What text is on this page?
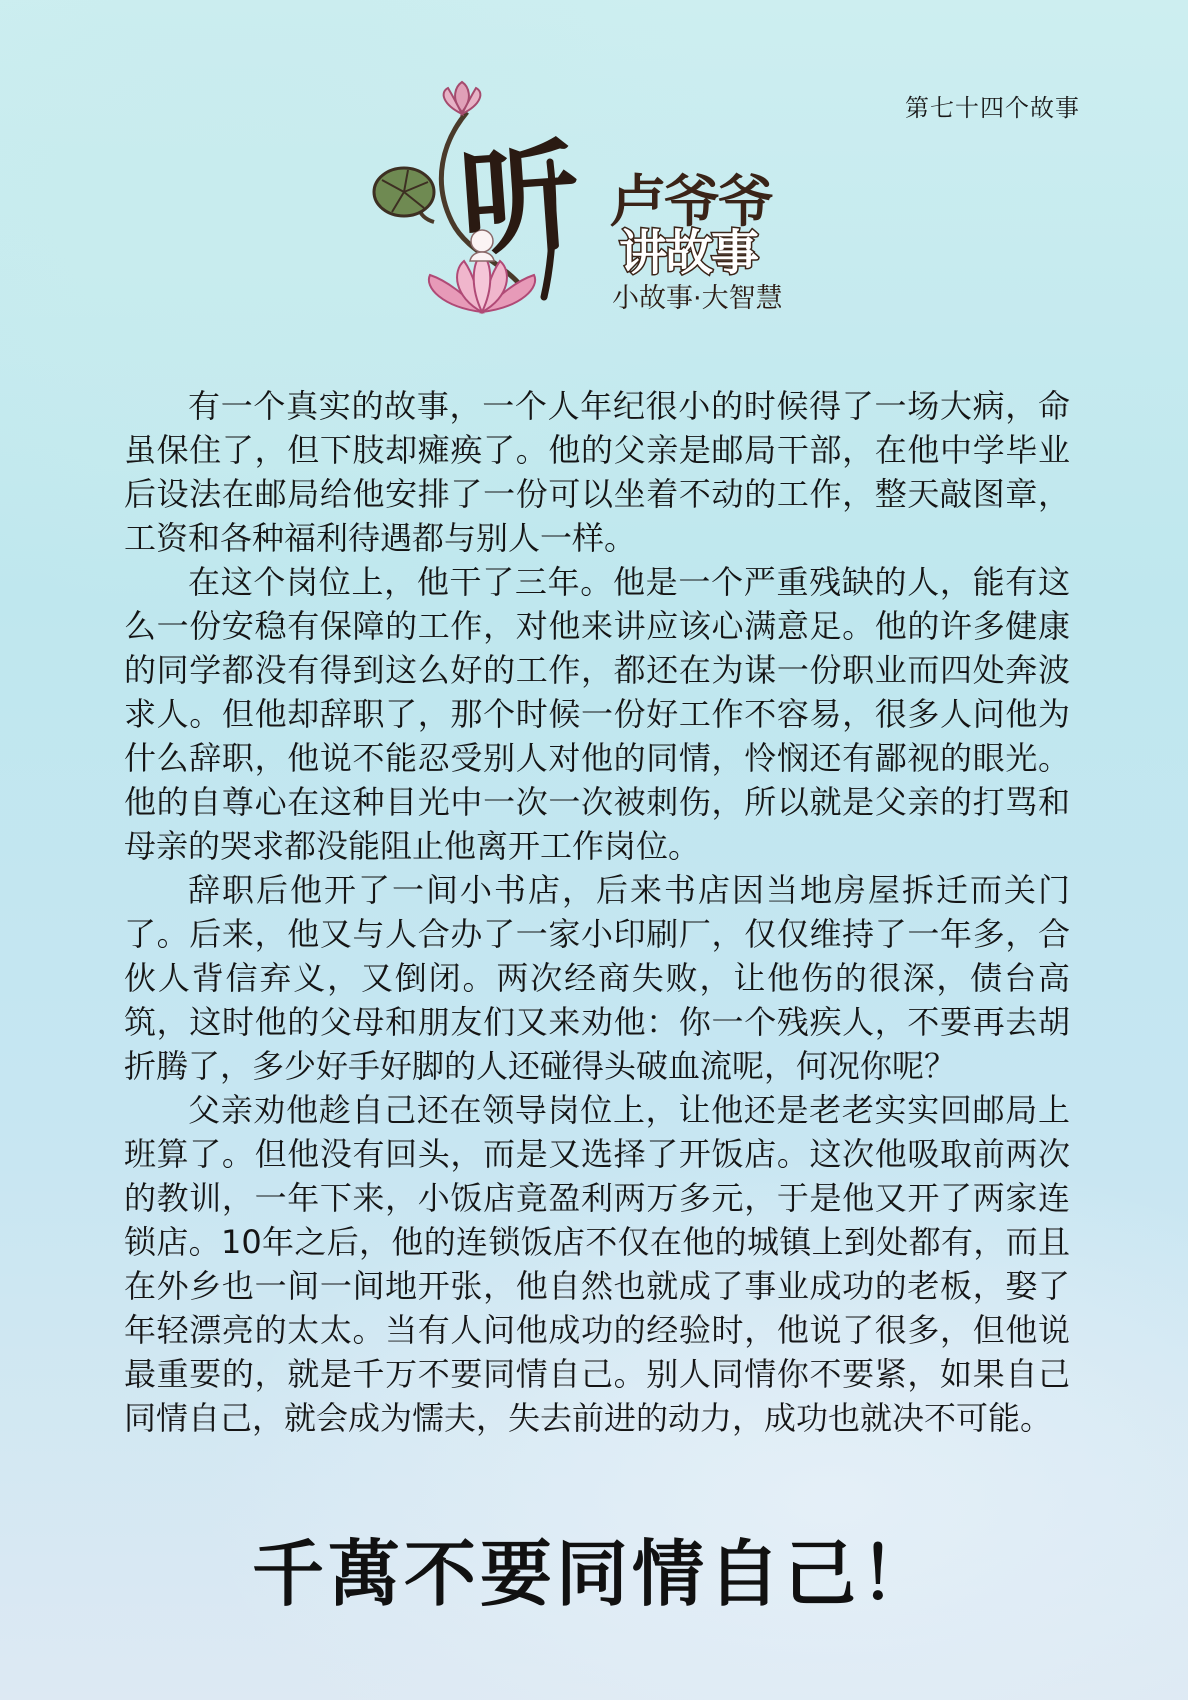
第七十四个故事
听 卢爷爷
讲故事
小故事·大智慧

有一个真实的故事，一个人年纪很小的时候得了一场大病，命虽保住了，但下肢却瘫痪了。他的父亲是邮局干部，在他中学毕业后设法在邮局给他安排了一份可以坐着不动的工作，整天敲图章，工资和各种福利待遇都与别人一样。

在这个岗位上，他干了三年。他是一个严重残缺的人，能有这么一份安稳有保障的工作，对他来讲应该心满意足。他的许多健康的同学都没有得到这么好的工作，都还在为谋一份职业而四处奔波求人。但他却辞职了，那个时候一份好工作不容易，很多人问他为什么辞职，他说不能忍受别人对他的同情，怜悯还有鄙视的眼光。他的自尊心在这种目光中一次一次被刺伤，所以就是父亲的打骂和母亲的哭求都没能阻止他离开工作岗位。

辞职后他开了一间小书店，后来书店因当地房屋拆迁而关门了。后来，他又与人合办了一家小印刷厂，仅仅维持了一年多，合伙人背信弃义，又倒闭。两次经商失败，让他伤的很深，债台高筑，这时他的父母和朋友们又来劝他：你一个残疾人，不要再去胡折腾了，多少好手好脚的人还碰得头破血流呢，何况你呢？

父亲劝他趁自己还在领导岗位上，让他还是老老实实回邮局上班算了。但他没有回头，而是又选择了开饭店。这次他吸取前两次的教训，一年下来，小饭店竟盈利两万多元，于是他又开了两家连锁店。10年之后，他的连锁饭店不仅在他的城镇上到处都有，而且在外乡也一间一间地开张，他自然也就成了事业成功的老板，娶了年轻漂亮的太太。当有人问他成功的经验时，他说了很多，但他说最重要的，就是千万不要同情自己。别人同情你不要紧，如果自己同情自己，就会成为懦夫，失去前进的动力，成功也就决不可能。

千萬不要同情自己！
